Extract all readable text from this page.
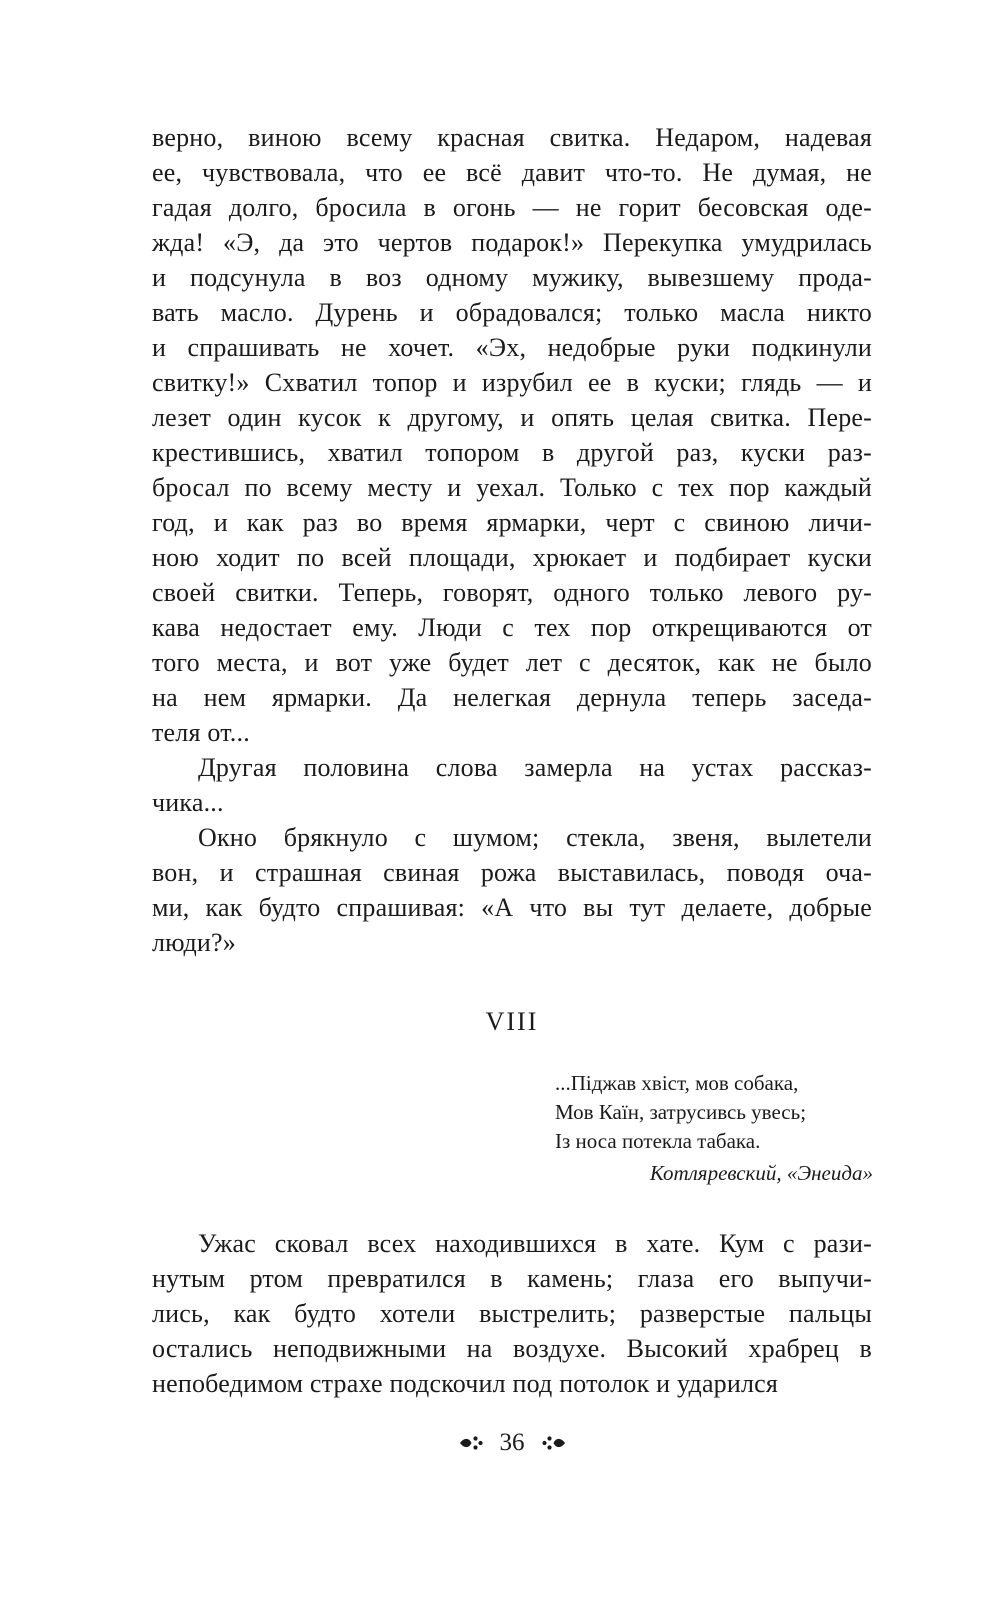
верно, виною всему красная свитка. Недаром, надевая
ее, чувствовала, что ее всё давит что-то. Не думая, не
гадая долго, бросила в огонь — не горит бесовская оде-
жда! «Э, да это чертов подарок!» Перекупка умудрилась
и подсунула в воз одному мужику, вывезшему прода-
вать масло. Дурень и обрадовался; только масла никто
и спрашивать не хочет. «Эх, недобрые руки подкинули
свитку!» Схватил топор и изрубил ее в куски; глядь — и
лезет один кусок к другому, и опять целая свитка. Пере-
крестившись, хватил топором в другой раз, куски раз-
бросал по всему месту и уехал. Только с тех пор каждый
год, и как раз во время ярмарки, черт с свиною личи-
ною ходит по всей площади, хрюкает и подбирает куски
своей свитки. Теперь, говорят, одного только левого ру-
кава недостает ему. Люди с тех пор открещиваются от
того места, и вот уже будет лет с десяток, как не было
на нем ярмарки. Да нелегкая дернула теперь заседа-
теля от...
Другая половина слова замерла на устах рассказ-
чика...
Окно брякнуло с шумом; стекла, звеня, вылетели
вон, и страшная свиная рожа выставилась, поводя оча-
ми, как будто спрашивая: «А что вы тут делаете, добрые
люди?»
VIII
...Піджав хвіст, мов собака,
Мов Каїн, затрусивсь увесь;
Із носа потекла табака.
Котляревский, «Энеида»
Ужас сковал всех находившихся в хате. Кум с рази-
нутым ртом превратился в камень; глаза его выпучи-
лись, как будто хотели выстрелить; разверстые пальцы
остались неподвижными на воздухе. Высокий храбрец в
непобедимом страхе подскочил под потолок и ударился
36
